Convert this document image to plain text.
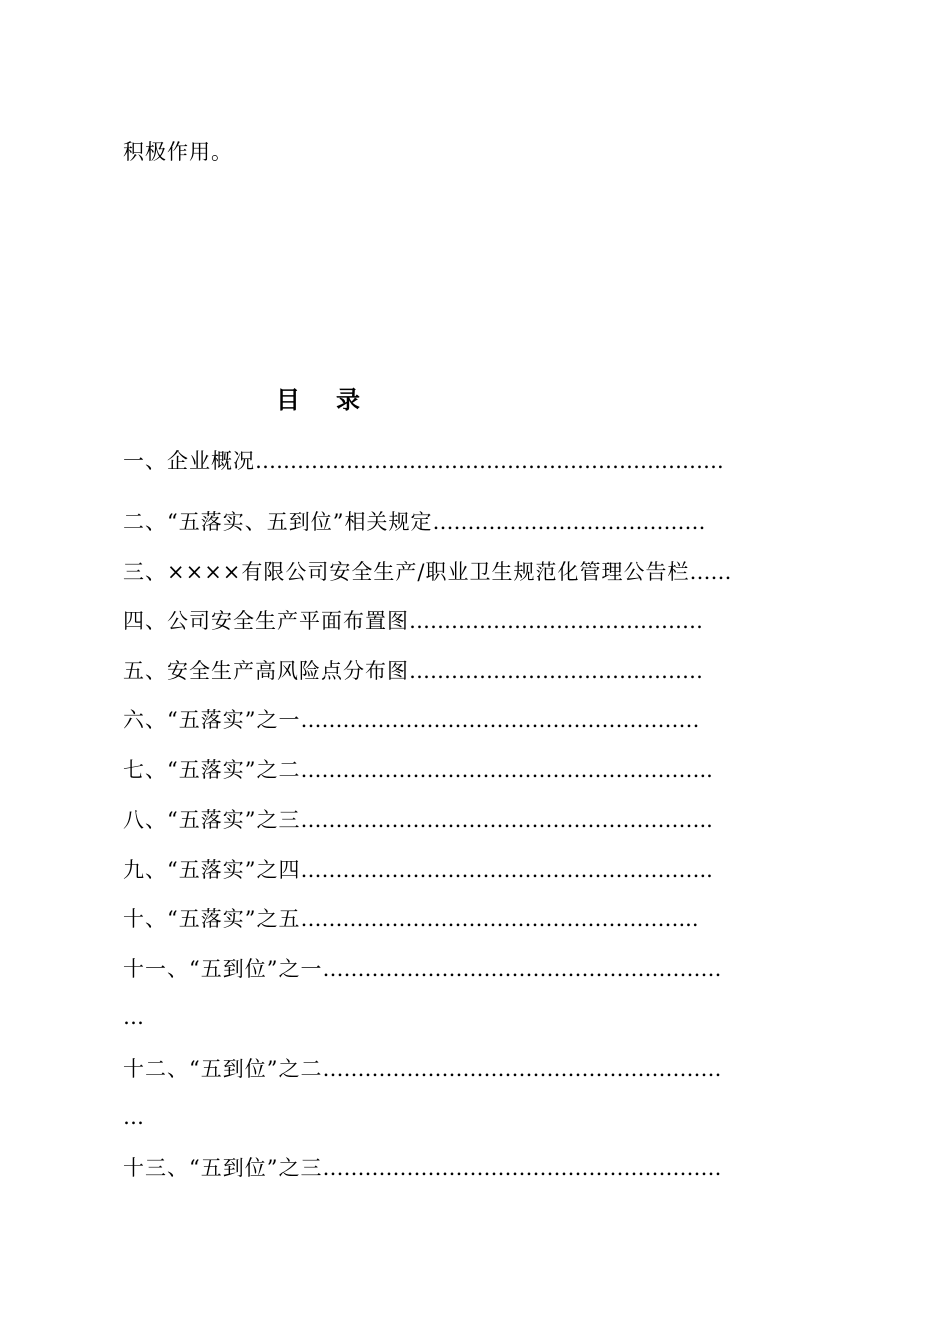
积极作用。
目 录
一、企业概况………………………………………………………….
二、“五落实、五到位”相关规定…………………………………
三、××××有限公司安全生产/职业卫生规范化管理公告栏……
四、公司安全生产平面布置图……………………………………
五、安全生产高风险点分布图……………………………………
六、“五落实”之一…………………………………………………
七、“五落实”之二…………………………………………………..
八、“五落实”之三…………………………………………………..
九、“五落实”之四…………………………………………………..
十、“五落实”之五………………………………………………...
十一、“五到位”之一…………………………………………………
…
十二、“五到位”之二…………………………………………………
…
十三、“五到位”之三…………………………………………………
